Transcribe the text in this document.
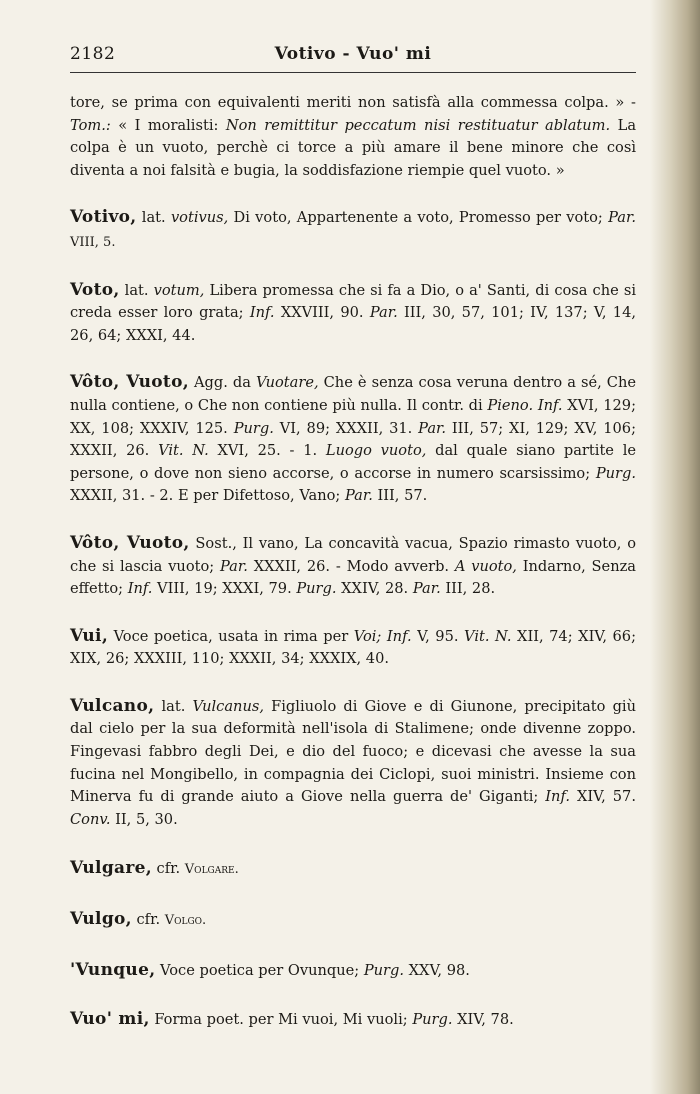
2182	Votivo - Vuo' mi

tore, se prima con equivalenti meriti non satisfà alla commessa colpa. » - Tom.: « I moralisti: Non remittitur peccatum nisi restituatur ablatum. La colpa è un vuoto, perchè ci torce a più amare il bene minore che così diventa a noi falsità e bugia, la soddisfazione riempie quel vuoto. »

Votivo, lat. votivus, Di voto, Appartenente a voto, Promesso per voto; Par. VIII, 5.

Voto, lat. votum, Libera promessa che si fa a Dio, o a' Santi, di cosa che si creda esser loro grata; Inf. XXVIII, 90. Par. III, 30, 57, 101; IV, 137; V, 14, 26, 64; XXXI, 44.

Vôto, Vuoto, Agg. da Vuotare, Che è senza cosa veruna dentro a sé, Che nulla contiene, o Che non contiene più nulla. Il contr. di Pieno. Inf. XVI, 129; XX, 108; XXXIV, 125. Purg. VI, 89; XXXII, 31. Par. III, 57; XI, 129; XV, 106; XXXII, 26. Vit. N. XVI, 25. - 1. Luogo vuoto, dal quale siano partite le persone, o dove non sieno accorse, o accorse in numero scarsissimo; Purg. XXXII, 31. - 2. E per Difettoso, Vano; Par. III, 57.

Vôto, Vuoto, Sost., Il vano, La concavità vacua, Spazio rimasto vuoto, o che si lascia vuoto; Par. XXXII, 26. - Modo avverb. A vuoto, Indarno, Senza effetto; Inf. VIII, 19; XXXI, 79. Purg. XXIV, 28. Par. III, 28.

Vui, Voce poetica, usata in rima per Voi; Inf. V, 95. Vit. N. XII, 74; XIV, 66; XIX, 26; XXXIII, 110; XXXII, 34; XXXIX, 40.

Vulcano, lat. Vulcanus, Figliuolo di Giove e di Giunone, precipitato giù dal cielo per la sua deformità nell'isola di Stalimene; onde divenne zoppo. Fingevasi fabbro degli Dei, e dio del fuoco; e dicevasi che avesse la sua fucina nel Mongibello, in compagnia dei Ciclopi, suoi ministri. Insieme con Minerva fu di grande aiuto a Giove nella guerra de' Giganti; Inf. XIV, 57. Conv. II, 5, 30.

Vulgare, cfr. Volgare.

Vulgo, cfr. Volgo.

'Vunque, Voce poetica per Ovunque; Purg. XXV, 98.

Vuo' mi, Forma poet. per Mi vuoi, Mi vuoli; Purg. XIV, 78.
